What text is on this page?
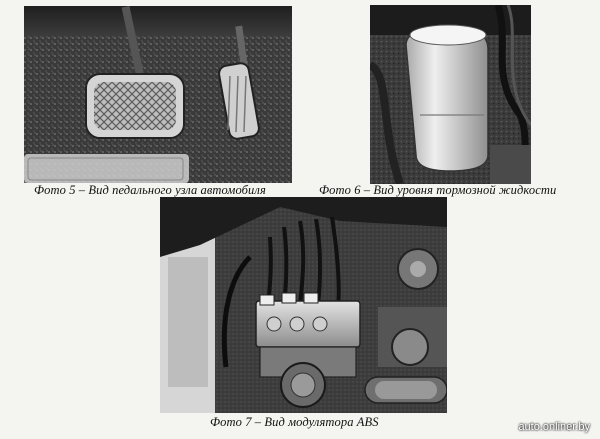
Фото 5 – Вид педального узла автомобиля	Фото 6 – Вид уровня тормозной жидкости
Фото 7 – Вид модулятора ABS	auto.onliner.by
